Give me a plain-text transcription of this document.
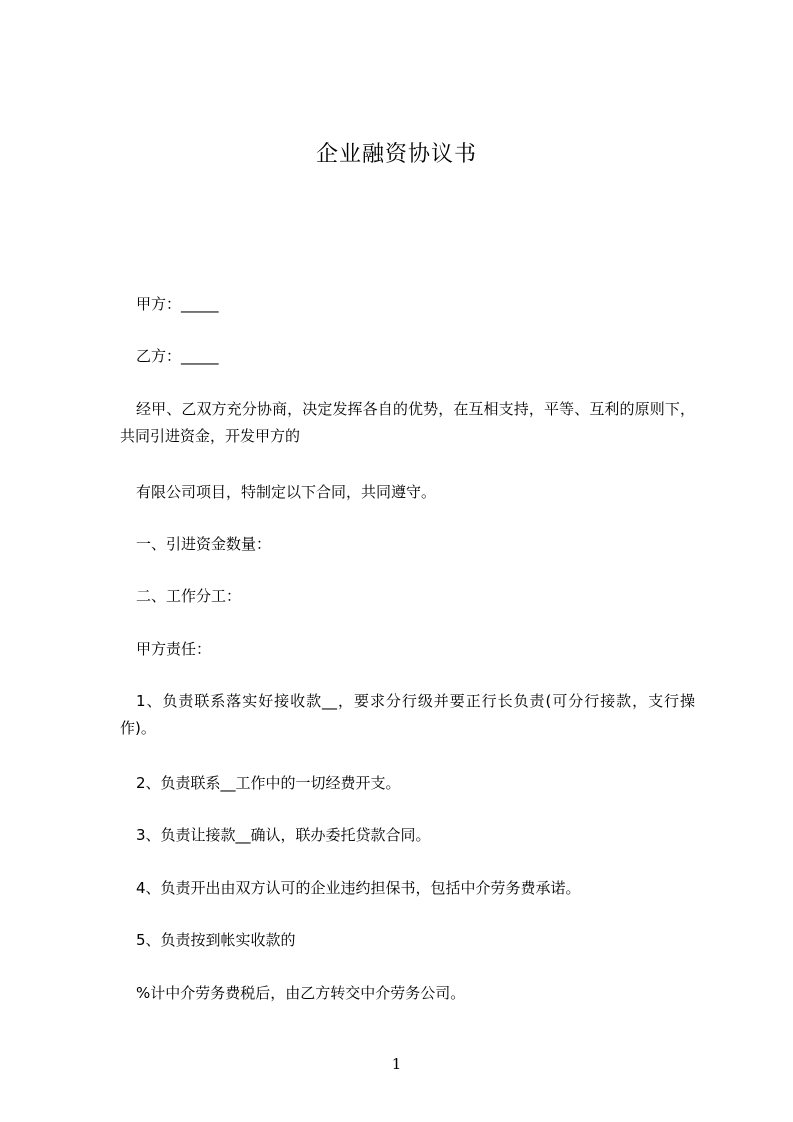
企业融资协议书
甲方：_____
乙方：_____
经甲、乙双方充分协商，决定发挥各自的优势，在互相支持，平等、互利的原则下，共同引进资金，开发甲方的
有限公司项目，特制定以下合同，共同遵守。
一、引进资金数量：
二、工作分工：
甲方责任：
1、负责联系落实好接收款__，要求分行级并要正行长负责(可分行接款，支行操作)。
2、负责联系__工作中的一切经费开支。
3、负责让接款__确认，联办委托贷款合同。
4、负责开出由双方认可的企业违约担保书，包括中介劳务费承诺。
5、负责按到帐实收款的
%计中介劳务费税后，由乙方转交中介劳务公司。
1
